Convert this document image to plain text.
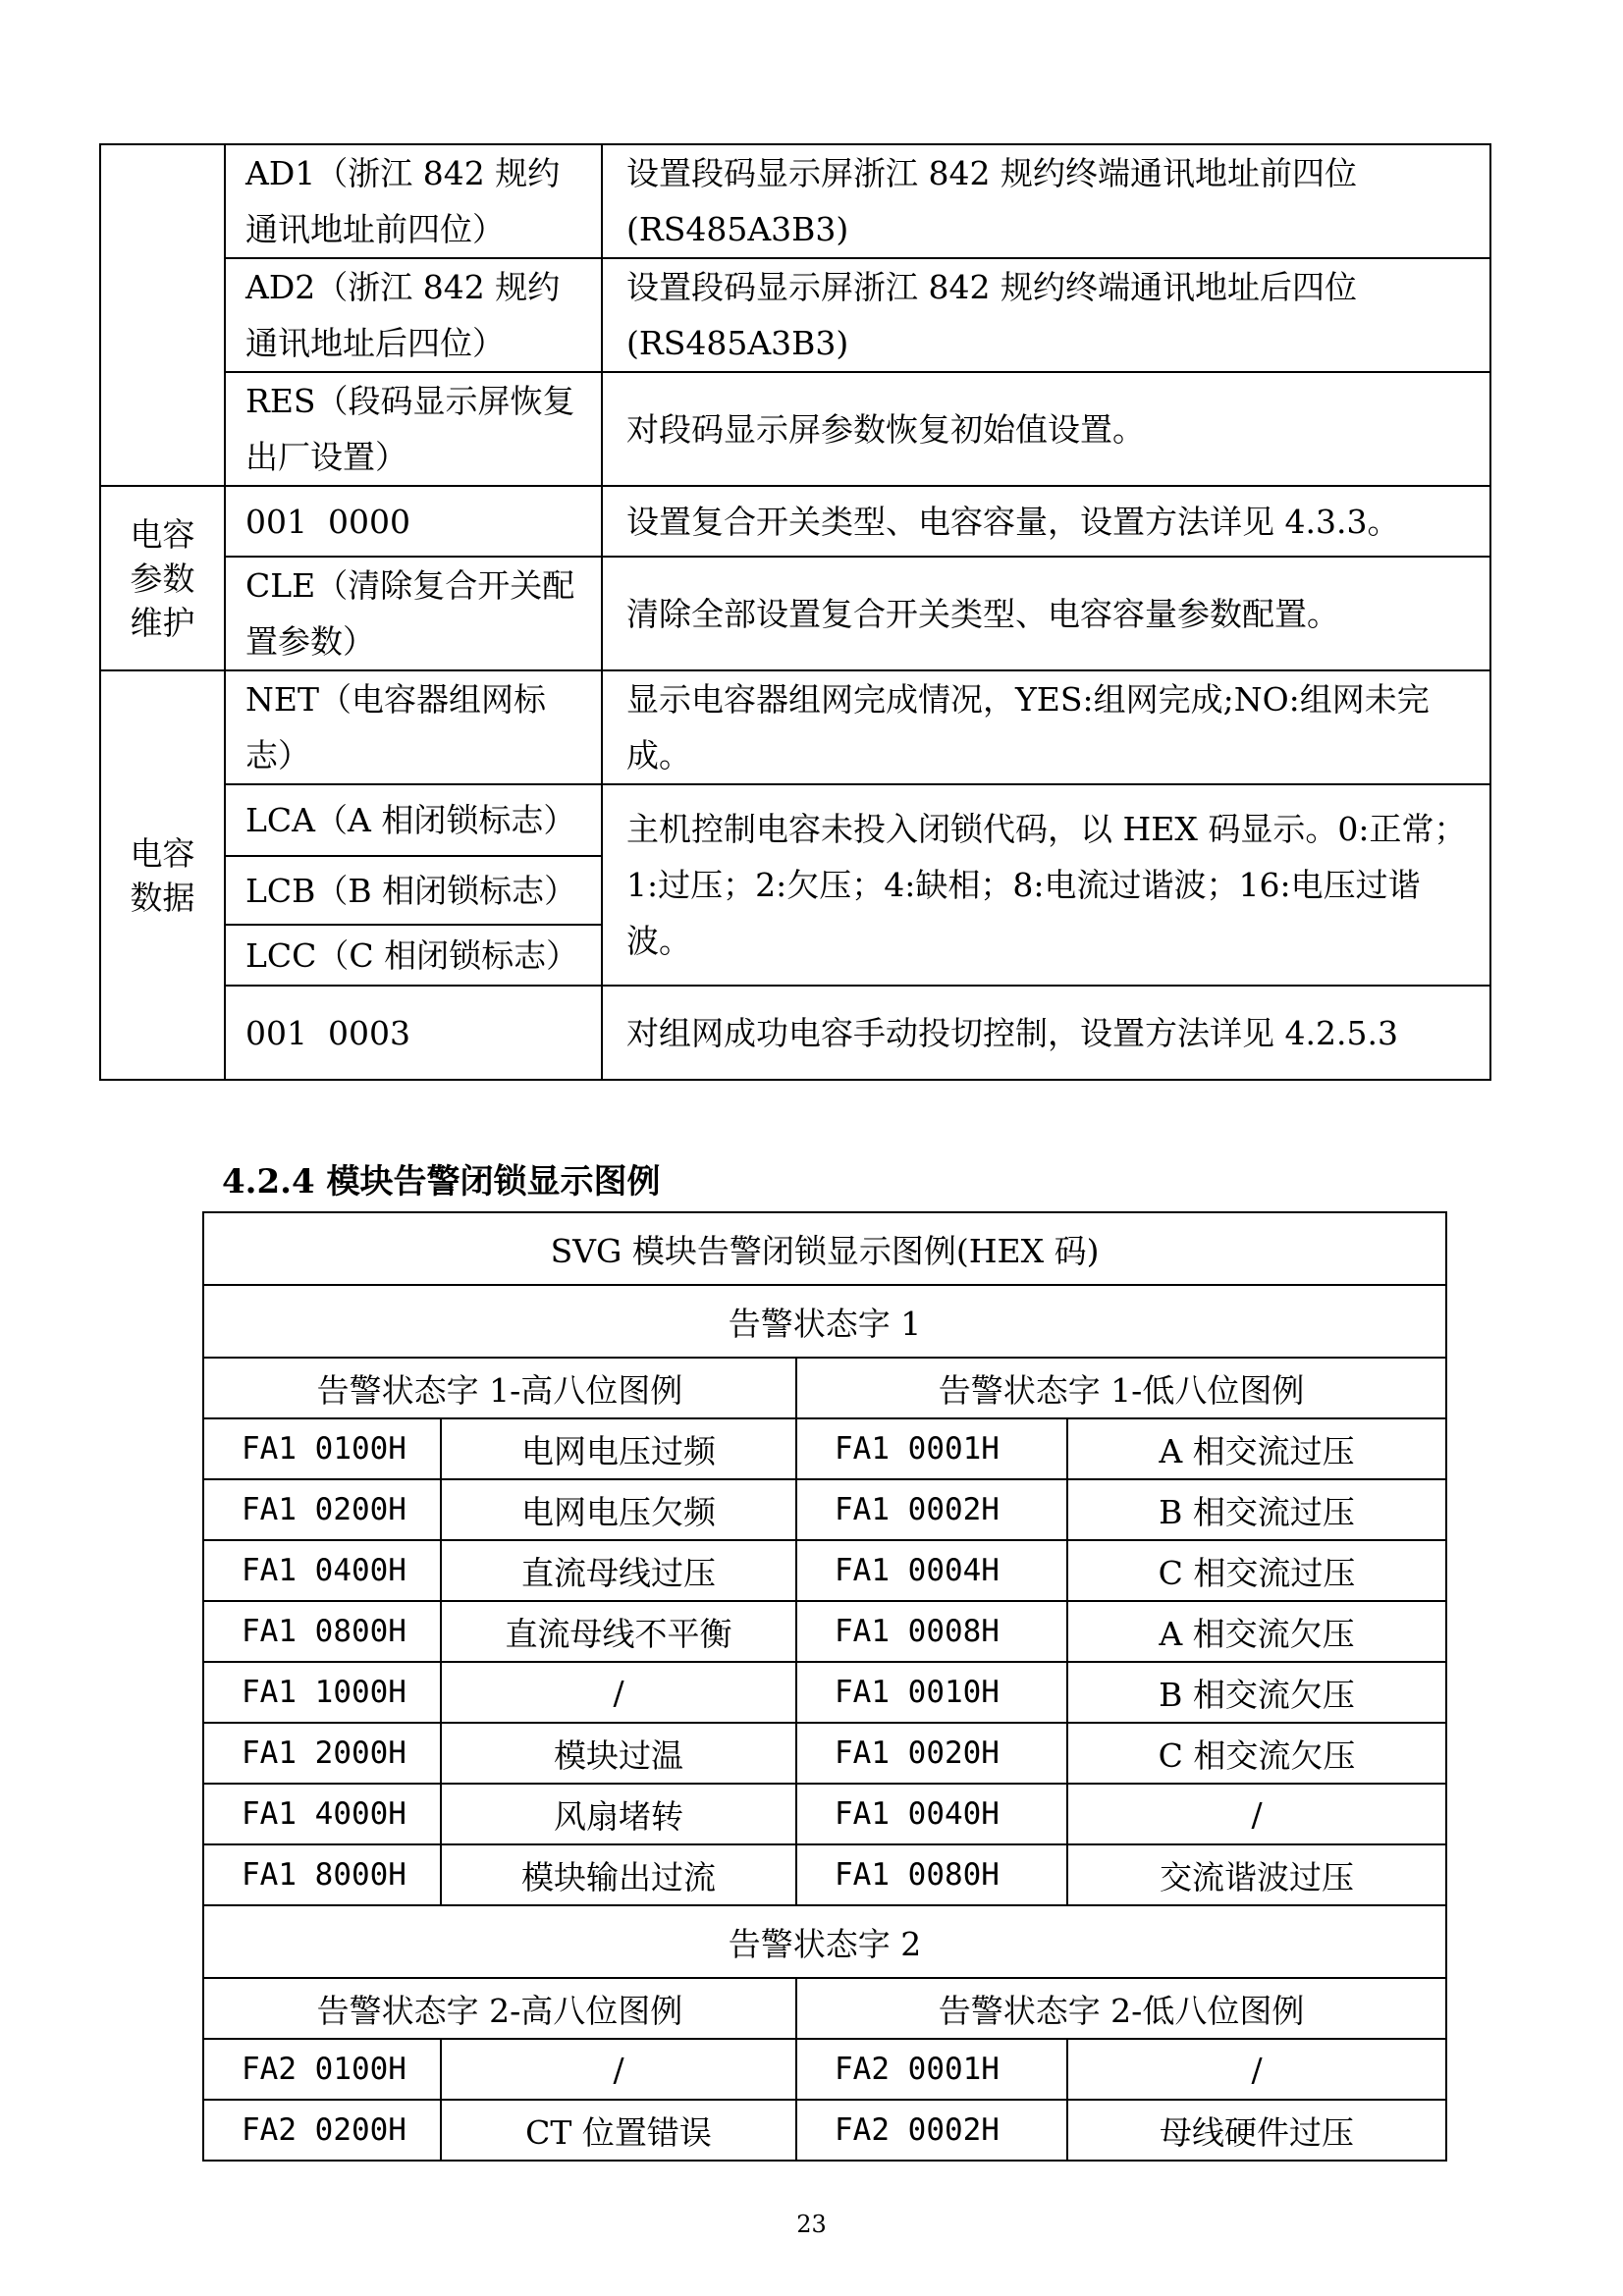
	AD1（浙江 842 规约通讯地址前四位）	设置段码显示屏浙江 842 规约终端通讯地址前四位(RS485A3B3)
	AD2（浙江 842 规约通讯地址后四位）	设置段码显示屏浙江 842 规约终端通讯地址后四位(RS485A3B3)
	RES（段码显示屏恢复出厂设置）	对段码显示屏参数恢复初始值设置。
电容参数维护	001  0000	设置复合开关类型、电容容量，设置方法详见 4.3.3。
	CLE（清除复合开关配置参数）	清除全部设置复合开关类型、电容容量参数配置。
电容数据	NET（电容器组网标志）	显示电容器组网完成情况，YES:组网完成;NO:组网未完成。
	LCA（A 相闭锁标志）	主机控制电容未投入闭锁代码，以 HEX 码显示。0:正常；1:过压；2:欠压；4:缺相；8:电流过谐波；16:电压过谐波。
	LCB（B 相闭锁标志）	
	LCC（C 相闭锁标志）	
	001  0003	对组网成功电容手动投切控制，设置方法详见 4.2.5.3
4.2.4 模块告警闭锁显示图例
SVG 模块告警闭锁显示图例(HEX 码)			
告警状态字 1			
告警状态字 1-高八位图例		告警状态字 1-低八位图例	
FA1 0100H	电网电压过频	FA1 0001H	A 相交流过压
FA1 0200H	电网电压欠频	FA1 0002H	B 相交流过压
FA1 0400H	直流母线过压	FA1 0004H	C 相交流过压
FA1 0800H	直流母线不平衡	FA1 0008H	A 相交流欠压
FA1 1000H	/	FA1 0010H	B 相交流欠压
FA1 2000H	模块过温	FA1 0020H	C 相交流欠压
FA1 4000H	风扇堵转	FA1 0040H	/
FA1 8000H	模块输出过流	FA1 0080H	交流谐波过压
告警状态字 2			
告警状态字 2-高八位图例		告警状态字 2-低八位图例	
FA2 0100H	/	FA2 0001H	/
FA2 0200H	CT 位置错误	FA2 0002H	母线硬件过压
23
